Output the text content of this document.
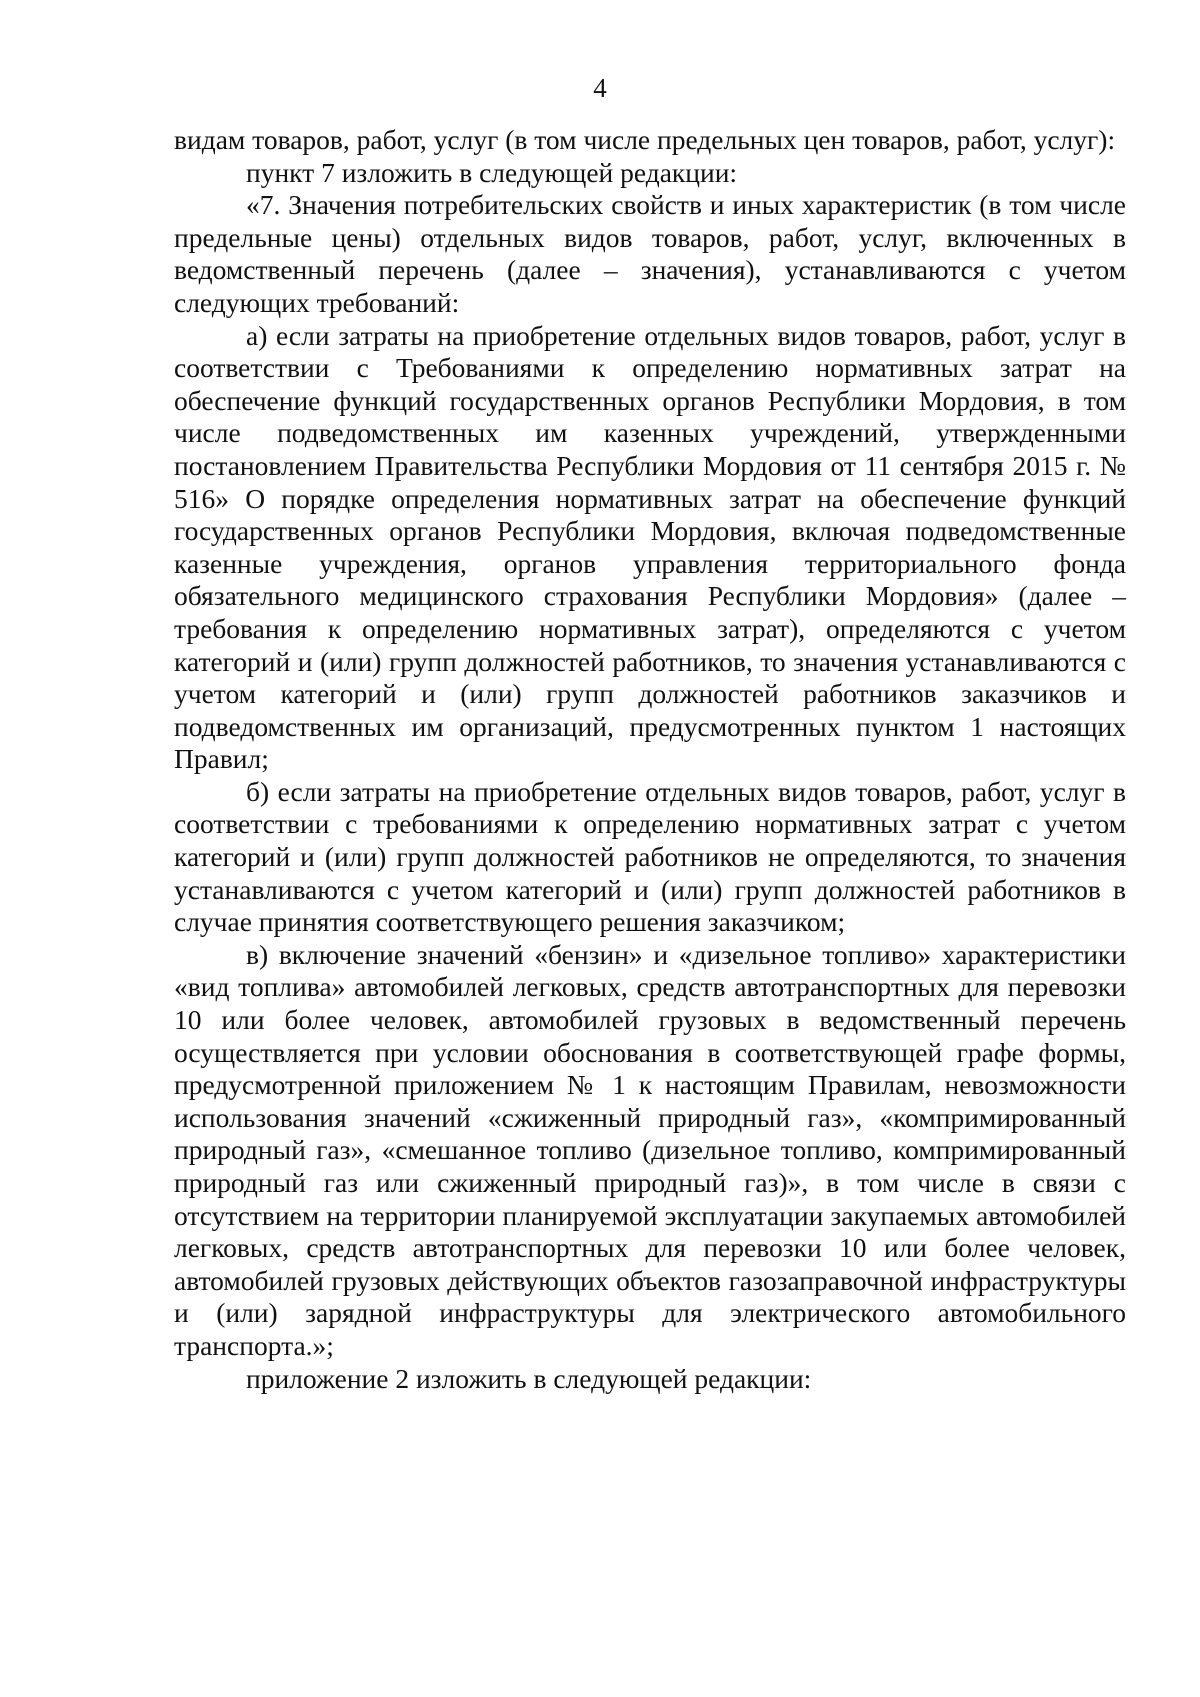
4

видам товаров, работ, услуг (в том числе предельных цен товаров, работ, услуг):

пункт 7 изложить в следующей редакции:

«7. Значения потребительских свойств и иных характеристик (в том числе предельные цены) отдельных видов товаров, работ, услуг, включенных в ведомственный перечень (далее – значения), устанавливаются с учетом следующих требований:

а) если затраты на приобретение отдельных видов товаров, работ, услуг в соответствии с Требованиями к определению нормативных затрат на обеспечение функций государственных органов Республики Мордовия, в том числе подведомственных им казенных учреждений, утвержденными постановлением Правительства Республики Мордовия от 11 сентября 2015 г. № 516» О порядке определения нормативных затрат на обеспечение функций государственных органов Республики Мордовия, включая подведомственные казенные учреждения, органов управления территориального фонда обязательного медицинского страхования Республики Мордовия» (далее – требования к определению нормативных затрат), определяются с учетом категорий и (или) групп должностей работников, то значения устанавливаются с учетом категорий и (или) групп должностей работников заказчиков и подведомственных им организаций, предусмотренных пунктом 1 настоящих Правил;

б) если затраты на приобретение отдельных видов товаров, работ, услуг в соответствии с требованиями к определению нормативных затрат с учетом категорий и (или) групп должностей работников не определяются, то значения устанавливаются с учетом категорий и (или) групп должностей работников в случае принятия соответствующего решения заказчиком;

в) включение значений «бензин» и «дизельное топливо» характеристики «вид топлива» автомобилей легковых, средств автотранспортных для перевозки 10 или более человек, автомобилей грузовых в ведомственный перечень осуществляется при условии обоснования в соответствующей графе формы, предусмотренной приложением № 1 к настоящим Правилам, невозможности использования значений «сжиженный природный газ», «компримированный природный газ», «смешанное топливо (дизельное топливо, компримированный природный газ или сжиженный природный газ)», в том числе в связи с отсутствием на территории планируемой эксплуатации закупаемых автомобилей легковых, средств автотранспортных для перевозки 10 или более человек, автомобилей грузовых действующих объектов газозаправочной инфраструктуры и (или) зарядной инфраструктуры для электрического автомобильного транспорта.»;

приложение 2 изложить в следующей редакции:
